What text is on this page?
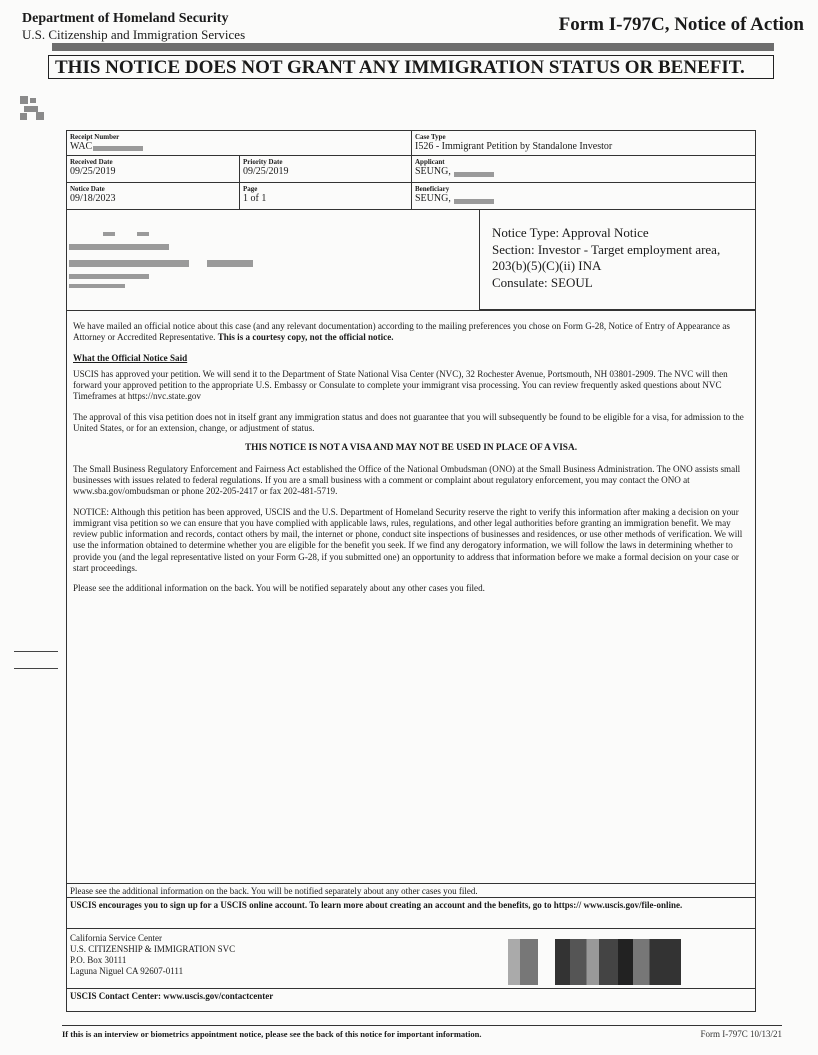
Department of Homeland Security
U.S. Citizenship and Immigration Services	Form I-797C, Notice of Action
THIS NOTICE DOES NOT GRANT ANY IMMIGRATION STATUS OR BENEFIT.
Receipt Number
WAC
Case Type
I526 - Immigrant Petition by Standalone Investor
Received Date
09/25/2019
Priority Date
09/25/2019
Applicant
SEUNG,
Notice Date
09/18/2023
Page
1 of 1
Beneficiary
SEUNG,
Notice Type: Approval Notice
Section: Investor - Target employment area,
203(b)(5)(C)(ii) INA
Consulate: SEOUL

We have mailed an official notice about this case (and any relevant documentation) according to the mailing preferences you chose on Form G-28, Notice of Entry of Appearance as Attorney or Accredited Representative. This is a courtesy copy, not the official notice.

What the Official Notice Said

USCIS has approved your petition. We will send it to the Department of State National Visa Center (NVC), 32 Rochester Avenue, Portsmouth, NH 03801-2909. The NVC will then forward your approved petition to the appropriate U.S. Embassy or Consulate to complete your immigrant visa processing. You can review frequently asked questions about NVC Timeframes at https://nvc.state.gov

The approval of this visa petition does not in itself grant any immigration status and does not guarantee that you will subsequently be found to be eligible for a visa, for admission to the United States, or for an extension, change, or adjustment of status.

THIS NOTICE IS NOT A VISA AND MAY NOT BE USED IN PLACE OF A VISA.

The Small Business Regulatory Enforcement and Fairness Act established the Office of the National Ombudsman (ONO) at the Small Business Administration. The ONO assists small businesses with issues related to federal regulations. If you are a small business with a comment or complaint about regulatory enforcement, you may contact the ONO at www.sba.gov/ombudsman or phone 202-205-2417 or fax 202-481-5719.

NOTICE: Although this petition has been approved, USCIS and the U.S. Department of Homeland Security reserve the right to verify this information after making a decision on your immigrant visa petition so we can ensure that you have complied with applicable laws, rules, regulations, and other legal authorities before granting an immigration benefit. We may review public information and records, contact others by mail, the internet or phone, conduct site inspections of businesses and residences, or use other methods of verification. We will use the information obtained to determine whether you are eligible for the benefit you seek. If we find any derogatory information, we will follow the laws in determining whether to provide you (and the legal representative listed on your Form G-28, if you submitted one) an opportunity to address that information before we make a formal decision on your case or start proceedings.

Please see the additional information on the back. You will be notified separately about any other cases you filed.

Please see the additional information on the back. You will be notified separately about any other cases you filed.
USCIS encourages you to sign up for a USCIS online account. To learn more about creating an account and the benefits, go to https:// www.uscis.gov/file-online.
California Service Center
U.S. CITIZENSHIP & IMMIGRATION SVC
P.O. Box 30111
Laguna Niguel CA 92607-0111
USCIS Contact Center: www.uscis.gov/contactcenter
If this is an interview or biometrics appointment notice, please see the back of this notice for important information.	Form I-797C 10/13/21
